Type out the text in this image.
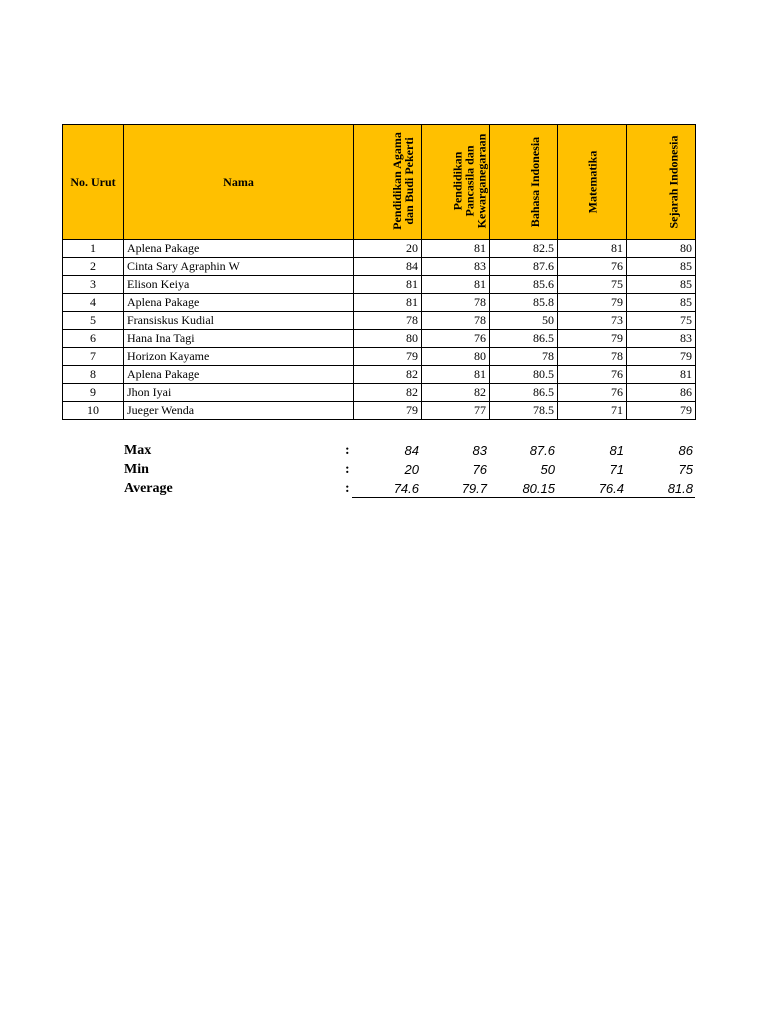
No. Urut	Nama	Pendidikan Agama
dan Budi Pekerti	Pendidikan
Pancasila dan
Kewarganegaraan	Bahasa Indonesia	Matematika	Sejarah Indonesia
1	Aplena Pakage	20	81	82.5	81	80
2	Cinta Sary Agraphin W	84	83	87.6	76	85
3	Elison Keiya	81	81	85.6	75	85
4	Aplena Pakage	81	78	85.8	79	85
5	Fransiskus Kudial	78	78	50	73	75
6	Hana Ina Tagi	80	76	86.5	79	83
7	Horizon Kayame	79	80	78	78	79
8	Aplena Pakage	82	81	80.5	76	81
9	Jhon Iyai	82	82	86.5	76	86
10	Jueger Wenda	79	77	78.5	71	79
Max	:	84	83	87.6	81	86
Min	:	20	76	50	71	75
Average	:	74.6	79.7	80.15	76.4	81.8
